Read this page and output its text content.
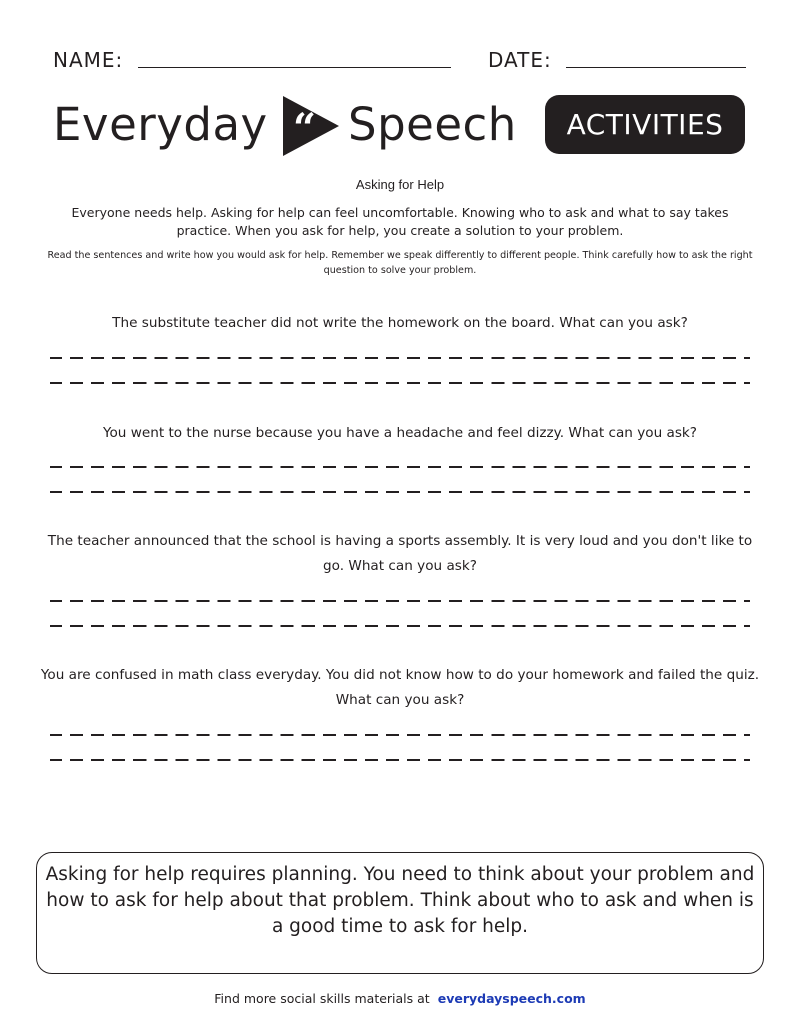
NAME:	DATE:
Everyday “ Speech ACTIVITIES
Asking for Help
Everyone needs help. Asking for help can feel uncomfortable. Knowing who to ask and what to say takes practice. When you ask for help, you create a solution to your problem.
Read the sentences and write how you would ask for help. Remember we speak differently to different people. Think carefully how to ask the right question to solve your problem.
The substitute teacher did not write the homework on the board. What can you ask?
You went to the nurse because you have a headache and feel dizzy. What can you ask?
The teacher announced that the school is having a sports assembly. It is very loud and you don't like to go. What can you ask?
You are confused in math class everyday. You did not know how to do your homework and failed the quiz. What can you ask?
Asking for help requires planning. You need to think about your problem and how to ask for help about that problem. Think about who to ask and when is a good time to ask for help.
Find more social skills materials at everydayspeech.com
